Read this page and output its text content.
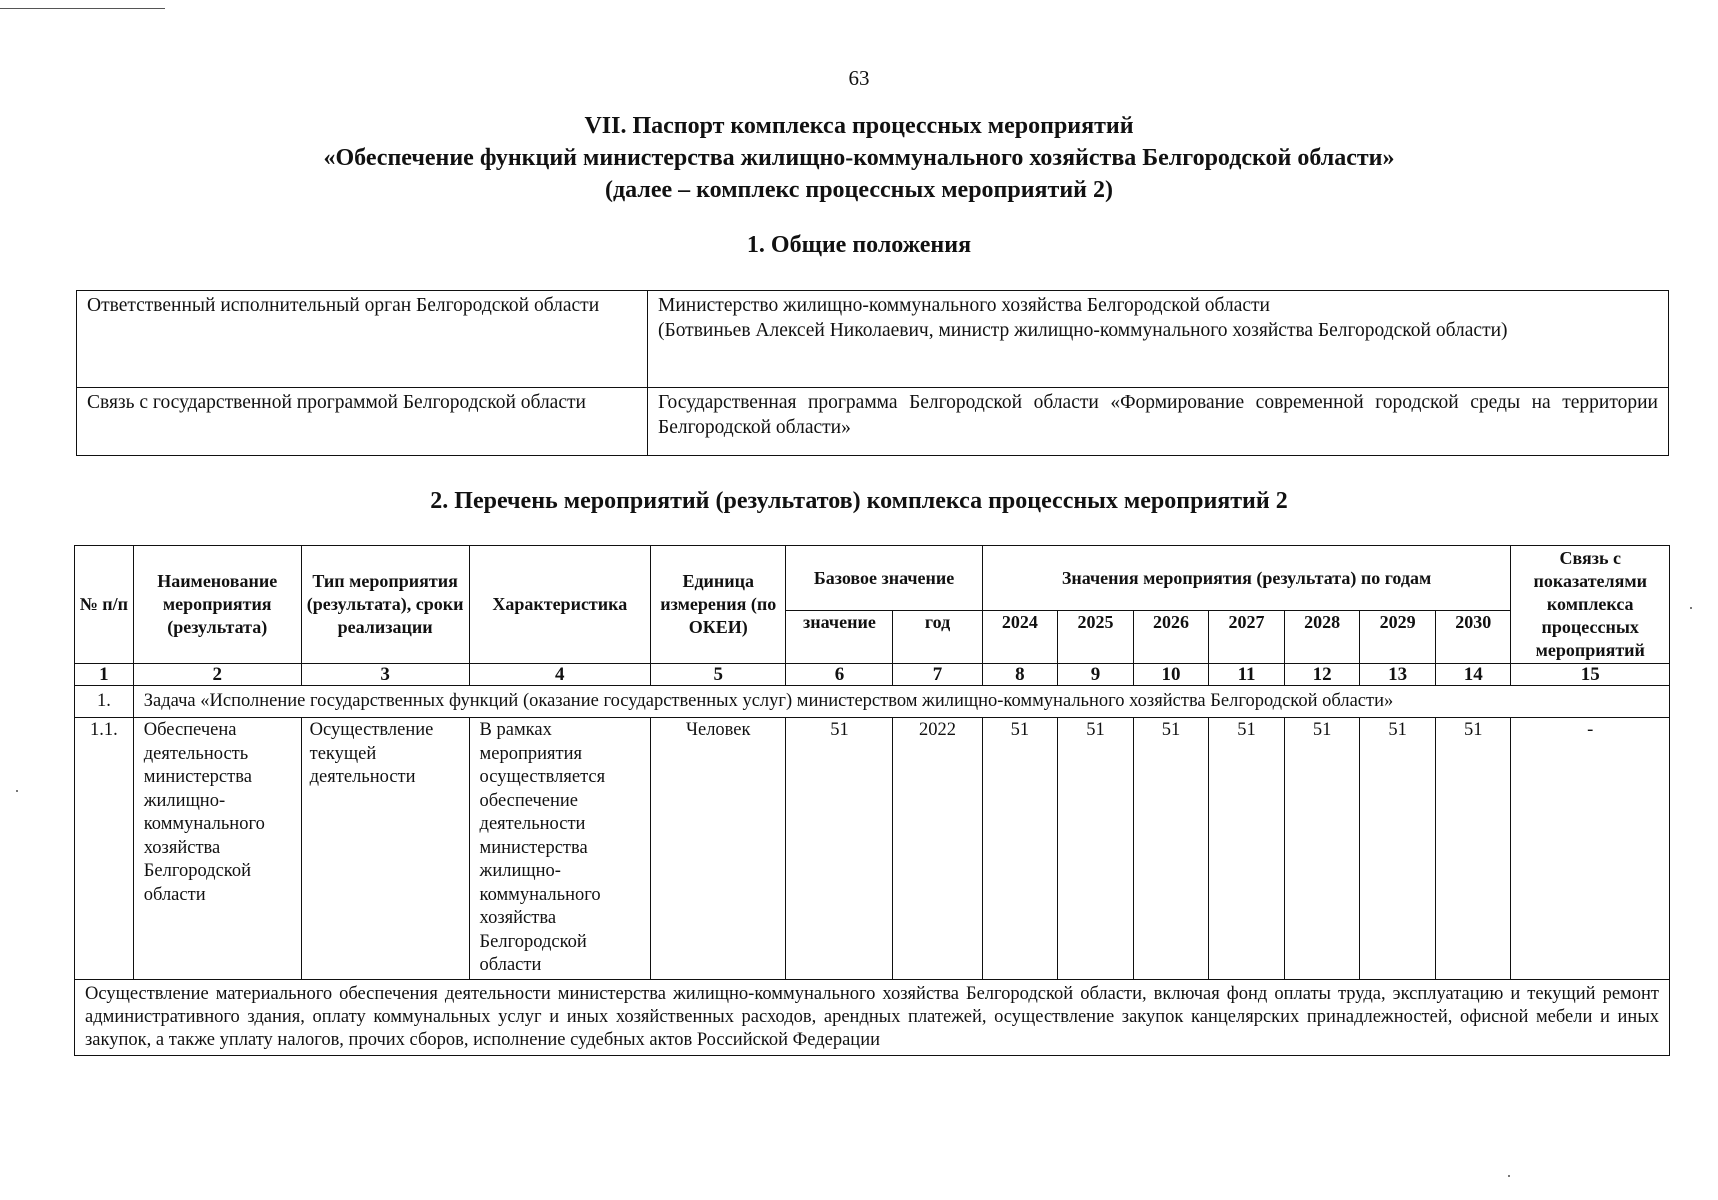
63
VII. Паспорт комплекса процессных мероприятий
«Обеспечение функций министерства жилищно-коммунального хозяйства Белгородской области»
(далее – комплекс процессных мероприятий 2)
1. Общие положения
Ответственный исполнительный орган Белгородской области	Министерство жилищно-коммунального хозяйства Белгородской области
(Ботвиньев Алексей Николаевич, министр жилищно-коммунального хозяйства Белгородской области)

Связь с государственной программой Белгородской области	Государственная программа Белгородской области «Формирование современной городской среды на территории Белгородской области»
2. Перечень мероприятий (результатов) комплекса процессных мероприятий 2
№ п/п	Наименование мероприятия (результата)	Тип мероприятия (результата), сроки реализации	Характеристика	Единица измерения (по ОКЕИ)	Базовое значение		Значения мероприятия (результата) по годам							Связь с показателями комплекса процессных мероприятий
					значение	год	2024	2025	2026	2027	2028	2029	2030	
1	2	3	4	5	6	7	8	9	10	11	12	13	14	15
1.	Задача «Исполнение государственных функций (оказание государственных услуг) министерством жилищно-коммунального хозяйства Белгородской области»													
1.1.	Обеспечена деятельность министерства жилищно-коммунального хозяйства Белгородской области	Осуществление текущей деятельности	В рамках мероприятия осуществляется обеспечение деятельности министерства жилищно-коммунального хозяйства Белгородской области	Человек	51	2022	51	51	51	51	51	51	51	-
Осуществление материального обеспечения деятельности министерства жилищно-коммунального хозяйства Белгородской области, включая фонд оплаты труда, эксплуатацию и текущий ремонт административного здания, оплату коммунальных услуг и иных хозяйственных расходов, арендных платежей, осуществление закупок канцелярских принадлежностей, офисной мебели и иных закупок, а также уплату налогов, прочих сборов, исполнение судебных актов Российской Федерации														
